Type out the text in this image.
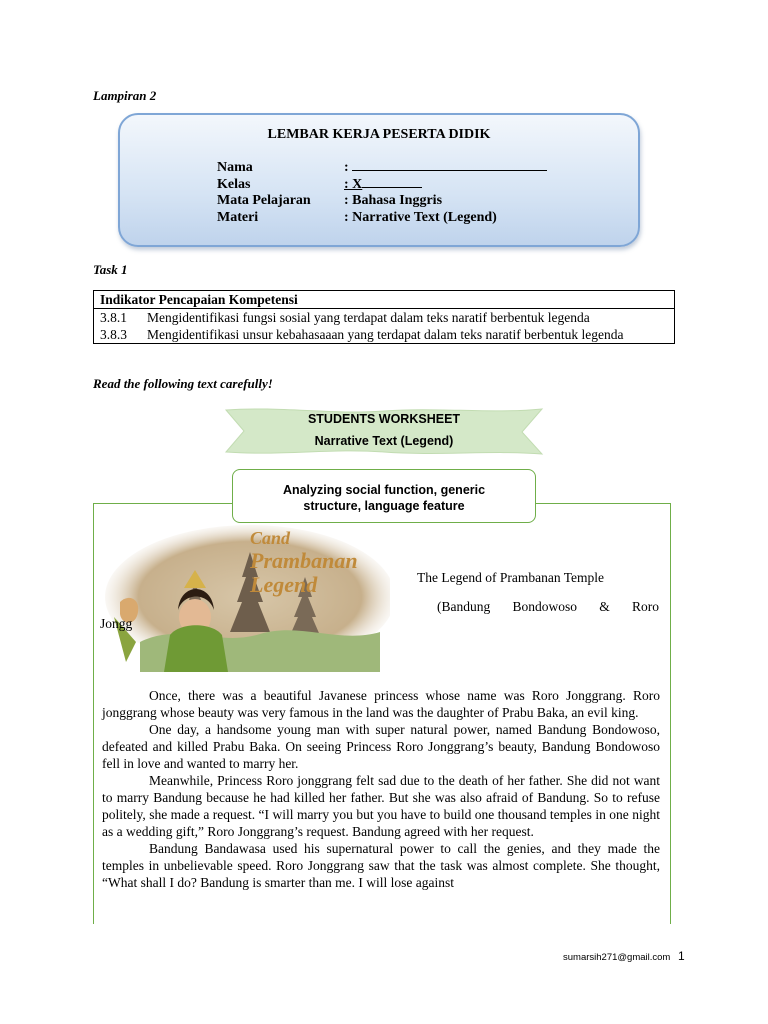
Lampiran 2
LEMBAR KERJA PESERTA DIDIK
Nama	:
Kelas	: X
Mata Pelajaran : Bahasa Inggris
Materi	: Narrative Text (Legend)
Task 1
Indikator Pencapaian Kompetensi

3.8.1	Mengidentifikasi fungsi sosial yang terdapat dalam teks naratif berbentuk legenda
3.8.3	Mengidentifikasi unsur kebahasaaan yang terdapat dalam teks naratif berbentuk legenda
Read the following text carefully!
STUDENTS WORKSHEET
Narrative Text (Legend)
Cand
Prambanan
Legend	The Legend of Prambanan Temple
(Bandung Bondowoso & Roro
Jongg

Once, there was a beautiful Javanese princess whose name was Roro Jonggrang. Roro jonggrang whose beauty was very famous in the land was the daughter of Prabu Baka, an evil king.

One day, a handsome young man with super natural power, named Bandung Bondowoso, defeated and killed Prabu Baka. On seeing Princess Roro Jonggrang’s beauty, Bandung Bondowoso fell in love and wanted to marry her.

Meanwhile, Princess Roro jonggrang felt sad due to the death of her father. She did not want to marry Bandung because he had killed her father. But she was also afraid of Bandung. So to refuse politely, she made a request. “I will marry you but you have to build one thousand temples in one night as a wedding gift,” Roro Jonggrang’s request. Bandung agreed with her request.

Bandung Bandawasa used his supernatural power to call the genies, and they made the temples in unbelievable speed. Roro Jonggrang saw that the task was almost complete. She thought, “What shall I do? Bandung is smarter than me. I will lose against

Analyzing social function, generic
structure, language feature
sumarsih271@gmail.com 1
